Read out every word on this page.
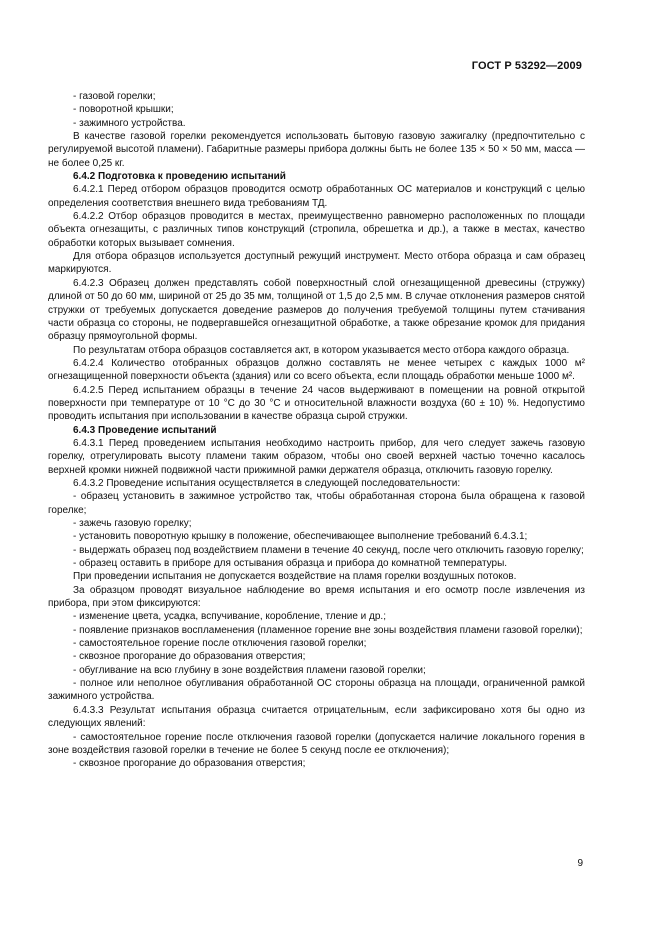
ГОСТ Р 53292—2009

- газовой горелки;

- поворотной крышки;

- зажимного устройства.

В качестве газовой горелки рекомендуется использовать бытовую газовую зажигалку (предпочтительно с регулируемой высотой пламени). Габаритные размеры прибора должны быть не более 135 × 50 × 50 мм, масса — не более 0,25 кг.

6.4.2 Подготовка к проведению испытаний

6.4.2.1 Перед отбором образцов проводится осмотр обработанных ОС материалов и конструкций с целью определения соответствия внешнего вида требованиям ТД.

6.4.2.2 Отбор образцов проводится в местах, преимущественно равномерно расположенных по площади объекта огнезащиты, с различных типов конструкций (стропила, обрешетка и др.), а также в местах, качество обработки которых вызывает сомнения.

Для отбора образцов используется доступный режущий инструмент. Место отбора образца и сам образец маркируются.

6.4.2.3 Образец должен представлять собой поверхностный слой огнезащищенной древесины (стружку) длиной от 50 до 60 мм, шириной от 25 до 35 мм, толщиной от 1,5 до 2,5 мм. В случае отклонения размеров снятой стружки от требуемых допускается доведение размеров до получения требуемой толщины путем стачивания части образца со стороны, не подвергавшейся огнезащитной обработке, а также обрезание кромок для придания образцу прямоугольной формы.

По результатам отбора образцов составляется акт, в котором указывается место отбора каждого образца.

6.4.2.4 Количество отобранных образцов должно составлять не менее четырех с каждых 1000 м² огнезащищенной поверхности объекта (здания) или со всего объекта, если площадь обработки меньше 1000 м².

6.4.2.5 Перед испытанием образцы в течение 24 часов выдерживают в помещении на ровной открытой поверхности при температуре от 10 °С до 30 °С и относительной влажности воздуха (60 ± 10) %. Недопустимо проводить испытания при использовании в качестве образца сырой стружки.

6.4.3 Проведение испытаний

6.4.3.1 Перед проведением испытания необходимо настроить прибор, для чего следует зажечь газовую горелку, отрегулировать высоту пламени таким образом, чтобы оно своей верхней частью точечно касалось верхней кромки нижней подвижной части прижимной рамки держателя образца, отключить газовую горелку.

6.4.3.2 Проведение испытания осуществляется в следующей последовательности:

- образец установить в зажимное устройство так, чтобы обработанная сторона была обращена к газовой горелке;

- зажечь газовую горелку;

- установить поворотную крышку в положение, обеспечивающее выполнение требований 6.4.3.1;

- выдержать образец под воздействием пламени в течение 40 секунд, после чего отключить газовую горелку;

- образец оставить в приборе для остывания образца и прибора до комнатной температуры.

При проведении испытания не допускается воздействие на пламя горелки воздушных потоков.

За образцом проводят визуальное наблюдение во время испытания и его осмотр после извлечения из прибора, при этом фиксируются:

- изменение цвета, усадка, вспучивание, коробление, тление и др.;

- появление признаков воспламенения (пламенное горение вне зоны воздействия пламени газовой горелки);

- самостоятельное горение после отключения газовой горелки;

- сквозное прогорание до образования отверстия;

- обугливание на всю глубину в зоне воздействия пламени газовой горелки;

- полное или неполное обугливания обработанной ОС стороны образца на площади, ограниченной рамкой зажимного устройства.

6.4.3.3 Результат испытания образца считается отрицательным, если зафиксировано хотя бы одно из следующих явлений:

- самостоятельное горение после отключения газовой горелки (допускается наличие локального горения в зоне воздействия газовой горелки в течение не более 5 секунд после ее отключения);

- сквозное прогорание до образования отверстия;

9
